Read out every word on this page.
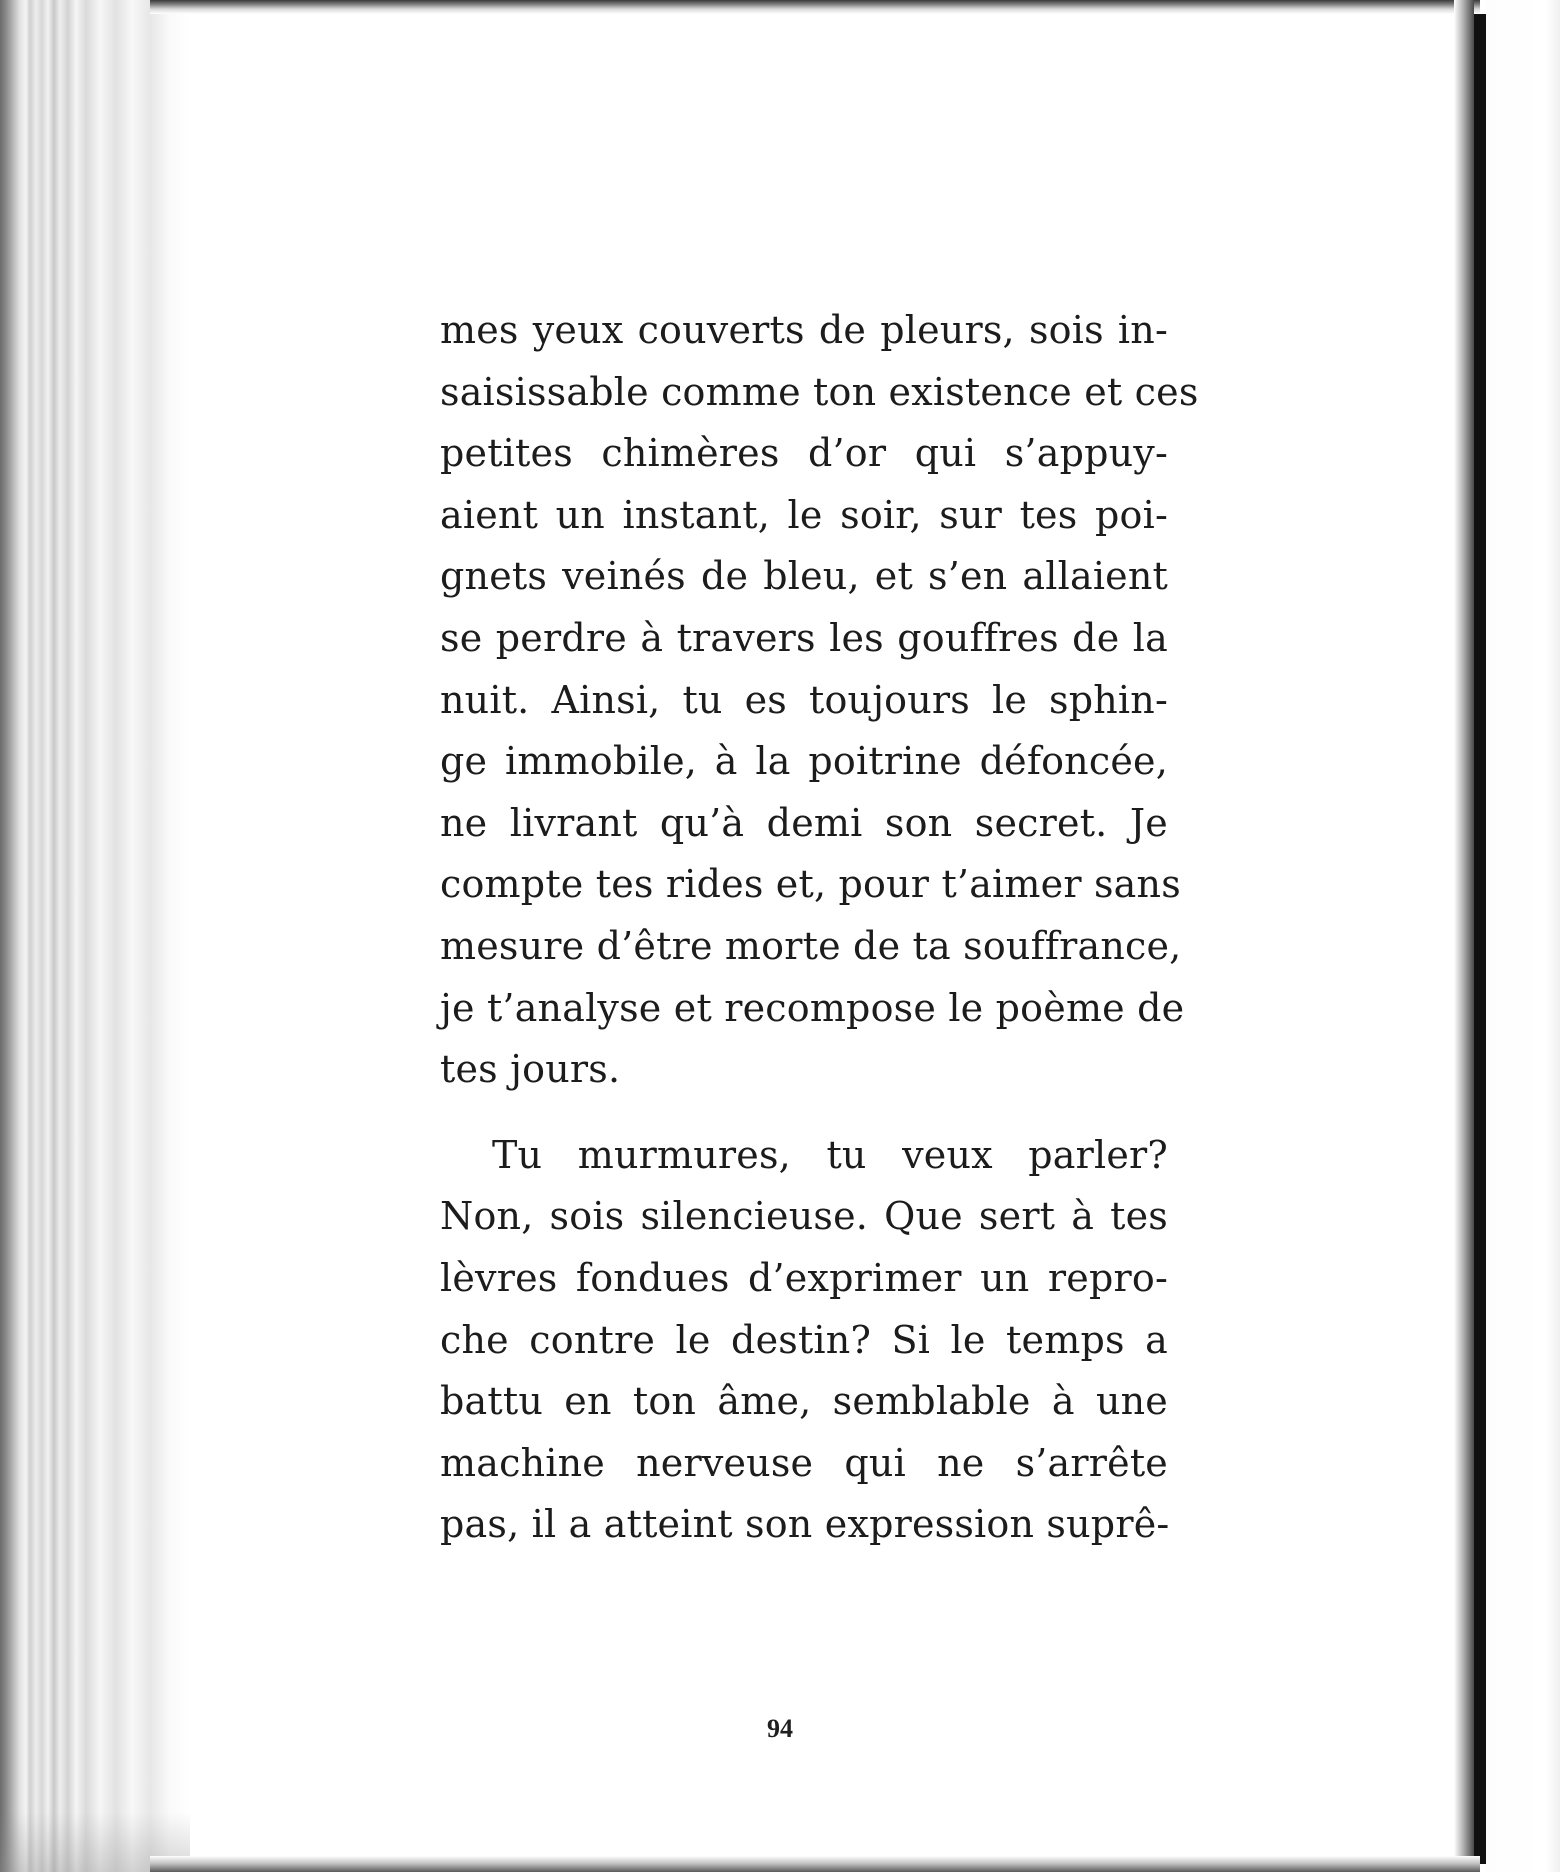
mes yeux couverts de pleurs, sois in-
saisissable comme ton existence et ces
petites chimères d’or qui s’appuy-
aient un instant, le soir, sur tes poi-
gnets veinés de bleu, et s’en allaient
se perdre à travers les gouffres de la
nuit. Ainsi, tu es toujours le sphin-
ge immobile, à la poitrine défoncée,
ne livrant qu’à demi son secret. Je
compte tes rides et, pour t’aimer sans
mesure d’être morte de ta souffrance,
je t’analyse et recompose le poème de
tes jours.
Tu murmures, tu veux parler?
Non, sois silencieuse. Que sert à tes
lèvres fondues d’exprimer un repro-
che contre le destin? Si le temps a
battu en ton âme, semblable à une
machine nerveuse qui ne s’arrête
pas, il a atteint son expression suprê-
94
